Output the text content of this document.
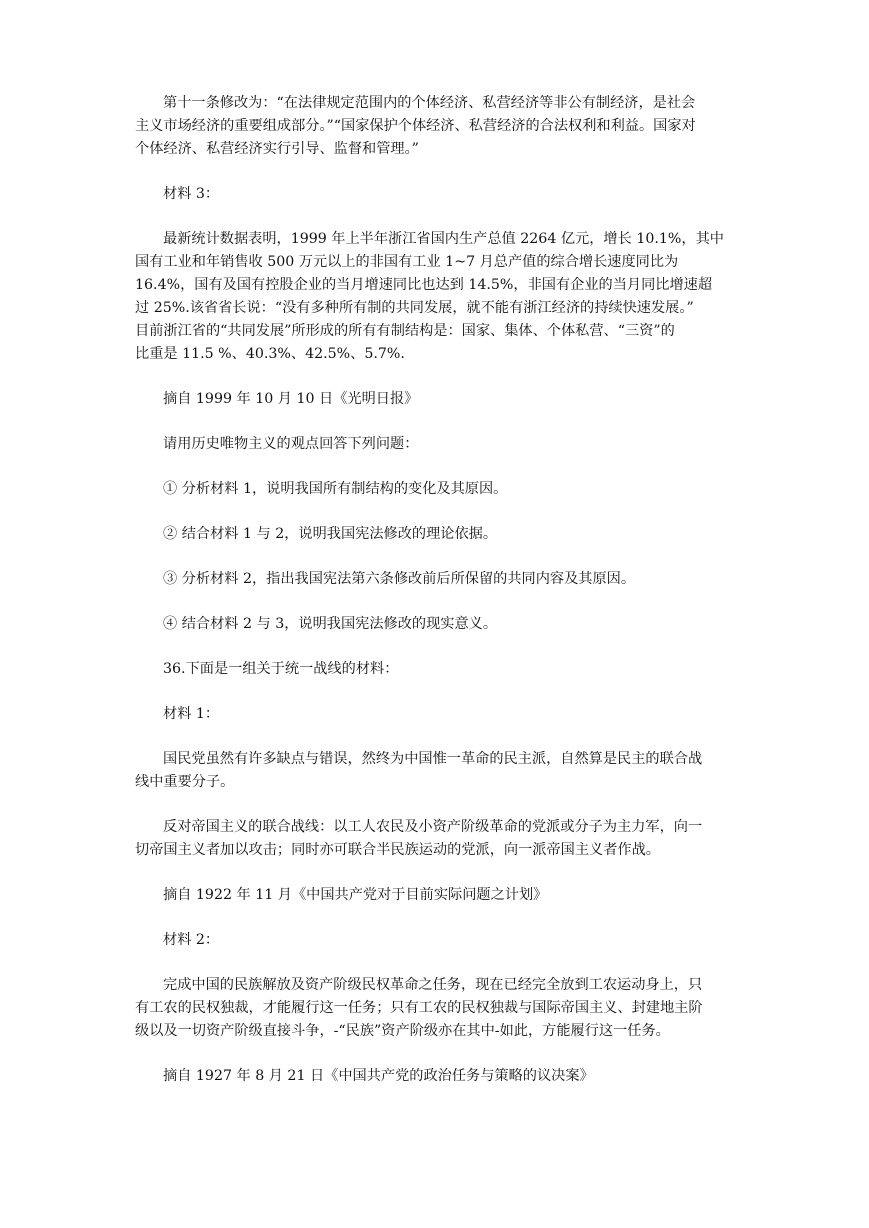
第十一条修改为：“在法律规定范围内的个体经济、私营经济等非公有制经济，是社会
主义市场经济的重要组成部分。”“国家保护个体经济、私营经济的合法权利和利益。国家对
个体经济、私营经济实行引导、监督和管理。”

材料 3：

最新统计数据表明，1999 年上半年浙江省国内生产总值 2264 亿元，增长 10.1%，其中
国有工业和年销售收 500 万元以上的非国有工业 1~7 月总产值的综合增长速度同比为
16.4%，国有及国有控股企业的当月增速同比也达到 14.5%，非国有企业的当月同比增速超
过 25%.该省省长说：“没有多种所有制的共同发展，就不能有浙江经济的持续快速发展。”
目前浙江省的“共同发展”所形成的所有有制结构是：国家、集体、个体私营、“三资”的
比重是 11.5 %、40.3%、42.5%、5.7%.

摘自 1999 年 10 月 10 日《光明日报》

请用历史唯物主义的观点回答下列问题：

① 分析材料 1，说明我国所有制结构的变化及其原因。

② 结合材料 1 与 2，说明我国宪法修改的理论依据。

③ 分析材料 2，指出我国宪法第六条修改前后所保留的共同内容及其原因。

④ 结合材料 2 与 3，说明我国宪法修改的现实意义。

36.下面是一组关于统一战线的材料：

材料 1：

国民党虽然有许多缺点与错误，然终为中国惟一革命的民主派，自然算是民主的联合战
线中重要分子。

反对帝国主义的联合战线：以工人农民及小资产阶级革命的党派或分子为主力军，向一
切帝国主义者加以攻击；同时亦可联合半民族运动的党派，向一派帝国主义者作战。

摘自 1922 年 11 月《中国共产党对于目前实际问题之计划》

材料 2：

完成中国的民族解放及资产阶级民权革命之任务，现在已经完全放到工农运动身上，只
有工农的民权独裁，才能履行这一任务；只有工农的民权独裁与国际帝国主义、封建地主阶
级以及一切资产阶级直接斗争，-“民族”资产阶级亦在其中-如此，方能履行这一任务。

摘自 1927 年 8 月 21 日《中国共产党的政治任务与策略的议决案》
